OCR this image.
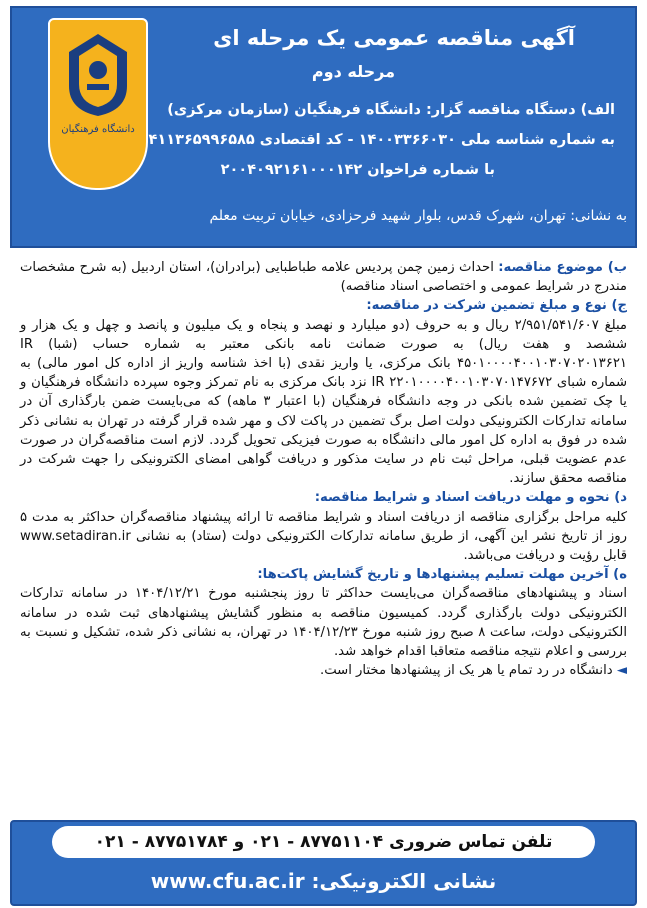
دانشگاه فرهنگیان
آگهی مناقصه عمومی یک مرحله ای
مرحله دوم
الف) دستگاه مناقصه گزار: دانشگاه فرهنگیان (سازمان مرکزی)
به شماره شناسه ملی ۱۴۰۰۳۳۶۶۰۳۰ - کد اقتصادی ۴۱۱۳۶۵۹۹۶۵۸۵
با شماره فراخوان ۲۰۰۴۰۹۲۱۶۱۰۰۰۱۴۲
به نشانی: تهران، شهرک قدس، بلوار شهید فرحزادی، خیابان تربیت معلم

ب) موضوع مناقصه: احداث زمین چمن پردیس علامه طباطبایی (برادران)، استان اردبیل (به شرح مشخصات مندرج در شرایط عمومی و اختصاصی اسناد مناقصه)

ج) نوع و مبلغ تضمین شرکت در مناقصه:

مبلغ ۲/۹۵۱/۵۴۱/۶۰۷ ریال و به حروف (دو میلیارد و نهصد و پنجاه و یک میلیون و پانصد و چهل و یک هزار و ششصد و هفت ریال) به صورت ضمانت نامه بانکی معتبر به شماره حساب (شبا) IR ۴۵۰۱۰۰۰۰۴۰۰۱۰۳۰۷۰۲۰۱۳۶۲۱ بانک مرکزی، یا واریز نقدی (با اخذ شناسه واریز از اداره کل امور مالی) به شماره شبای IR ۲۲۰۱۰۰۰۰۴۰۰۱۰۳۰۷۰۱۴۷۶۷۲ نزد بانک مرکزی به نام تمرکز وجوه سپرده دانشگاه فرهنگیان و یا چک تضمین شده بانکی در وجه دانشگاه فرهنگیان (با اعتبار ۳ ماهه) که می‌بایست ضمن بارگذاری آن در سامانه تدارکات الکترونیکی دولت اصل برگ تضمین در پاکت لاک و مهر شده قرار گرفته در تهران به نشانی ذکر شده در فوق به اداره کل امور مالی دانشگاه به صورت فیزیکی تحویل گردد. لازم است مناقصه‌گران در صورت عدم عضویت قبلی، مراحل ثبت نام در سایت مذکور و دریافت گواهی امضای الکترونیکی را جهت شرکت در مناقصه محقق سازند.

د) نحوه و مهلت دریافت اسناد و شرایط مناقصه:

کلیه مراحل برگزاری مناقصه از دریافت اسناد و شرایط مناقصه تا ارائه پیشنهاد مناقصه‌گران حداکثر به مدت ۵ روز از تاریخ نشر این آگهی، از طریق سامانه تدارکات الکترونیکی دولت (ستاد) به نشانی www.setadiran.ir قابل رؤیت و دریافت می‌باشد.

ه) آخرین مهلت تسلیم پیشنهادها و تاریخ گشایش پاکت‌ها:

اسناد و پیشنهادهای مناقصه‌گران می‌بایست حداکثر تا روز پنجشنبه مورخ ۱۴۰۴/۱۲/۲۱ در سامانه تدارکات الکترونیکی دولت بارگذاری گردد. کمیسیون مناقصه به منظور گشایش پیشنهادهای ثبت شده در سامانه الکترونیکی دولت، ساعت ۸ صبح روز شنبه مورخ ۱۴۰۴/۱۲/۲۳ در تهران، به نشانی ذکر شده، تشکیل و نسبت به بررسی و اعلام نتیجه مناقصه متعاقبا اقدام خواهد شد.

◄ دانشگاه در رد تمام یا هر یک از پیشنهادها مختار است.

تلفن تماس ضروری ۸۷۷۵۱۱۰۴ - ۰۲۱ و ۸۷۷۵۱۷۸۴ - ۰۲۱
نشانی الکترونیکی: www.cfu.ac.ir
